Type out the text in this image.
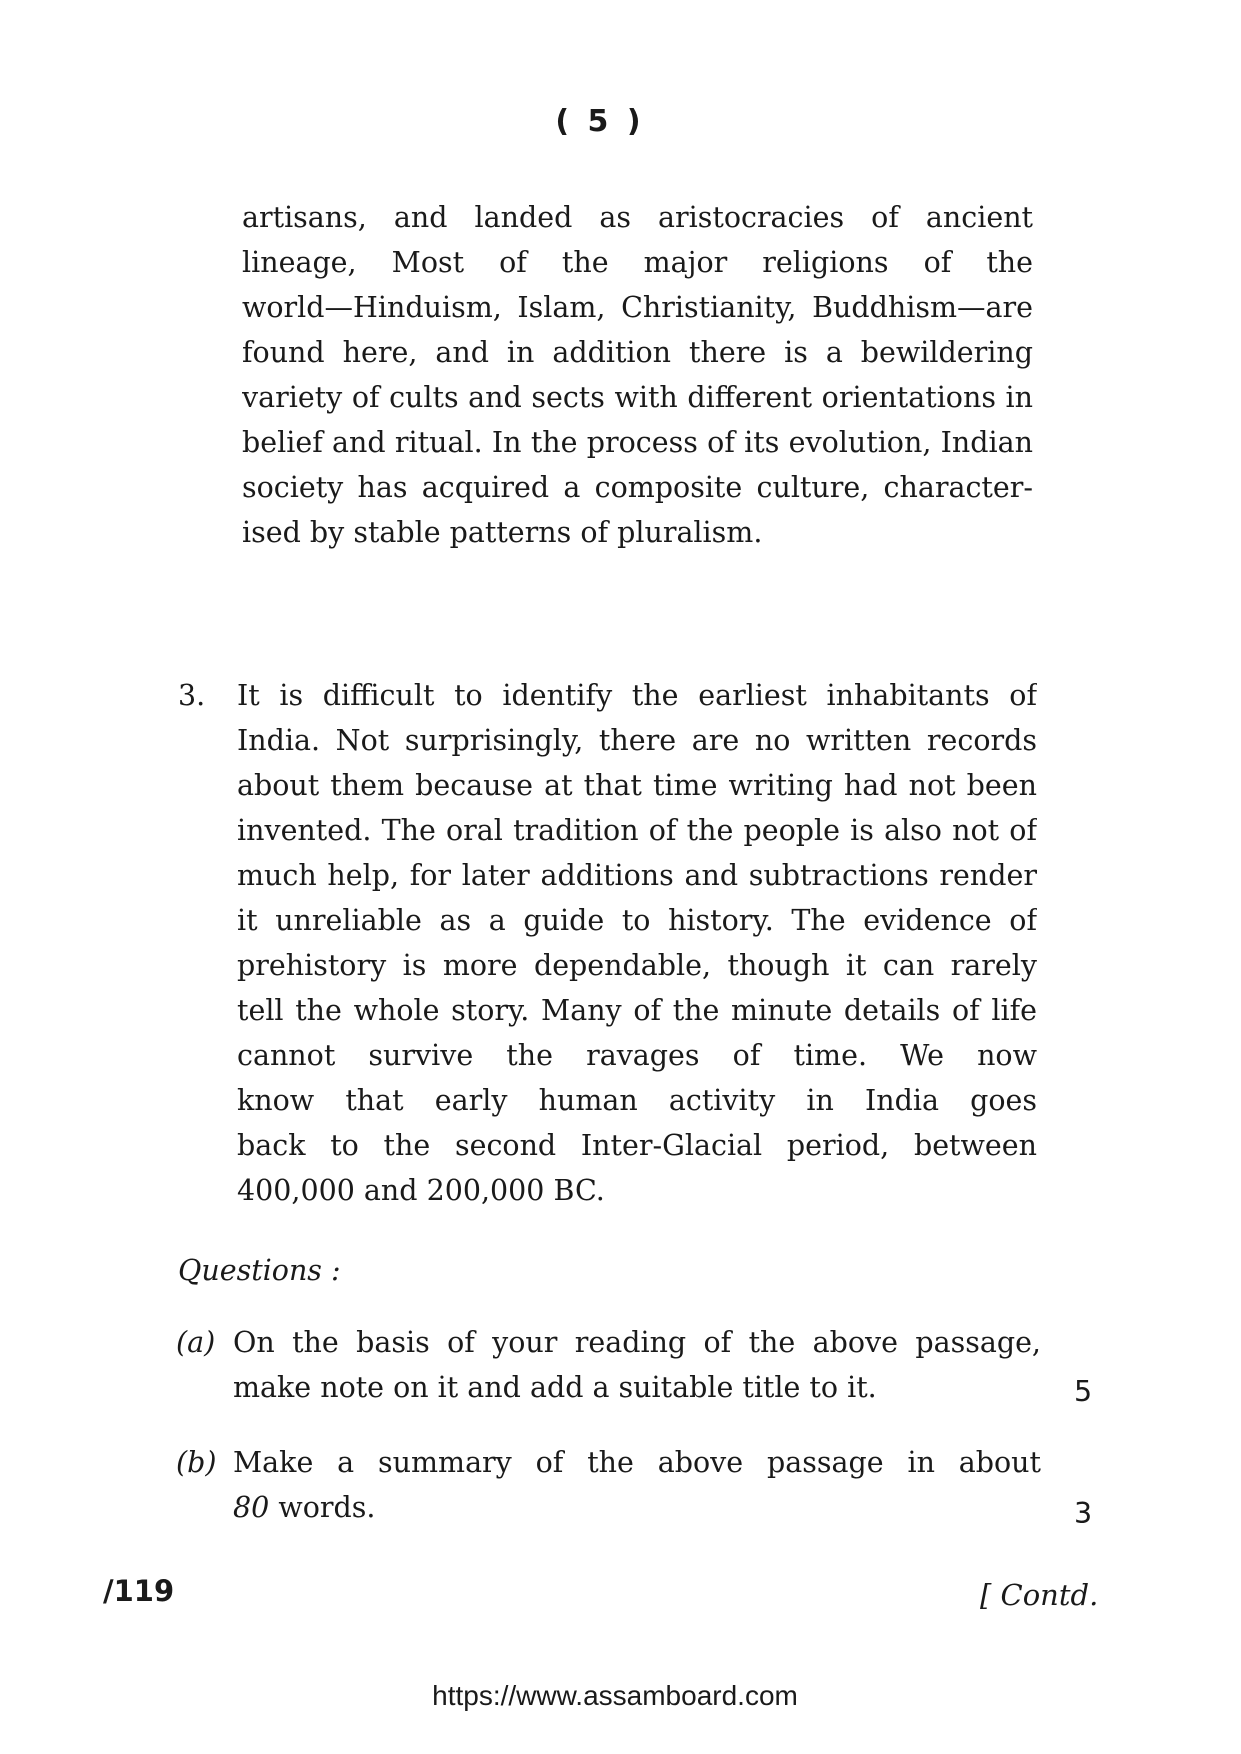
( 5 )
artisans, and landed as aristocracies of ancient
lineage, Most of the major religions of the
world—Hinduism, Islam, Christianity, Buddhism—are
found here, and in addition there is a bewildering
variety of cults and sects with different orientations in
belief and ritual. In the process of its evolution, Indian
society has acquired a composite culture, character-
ised by stable patterns of pluralism.
3. It is difficult to identify the earliest inhabitants of
India. Not surprisingly, there are no written records
about them because at that time writing had not been
invented. The oral tradition of the people is also not of
much help, for later additions and subtractions render
it unreliable as a guide to history. The evidence of
prehistory is more dependable, though it can rarely
tell the whole story. Many of the minute details of life
cannot survive the ravages of time. We now
know that early human activity in India goes
back to the second Inter-Glacial period, between
400,000 and 200,000 BC.
Questions :
(a) On the basis of your reading of the above passage,
make note on it and add a suitable title to it.	5
(b) Make a summary of the above passage in about
80 words.	3
/119	[ Contd.
https://www.assamboard.com
